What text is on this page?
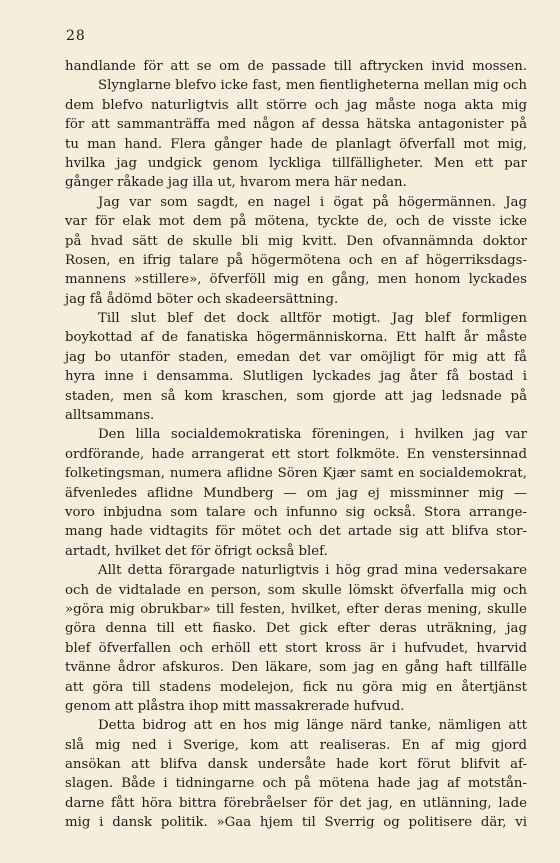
28
handlande för att se om de passade till aftrycken invid mossen.
Slynglarne blefvo icke fast, men fientligheterna mellan mig och
dem blefvo naturligtvis allt större och jag måste noga akta mig
för att sammanträffa med någon af dessa hätska antagonister på
tu man hand. Flera gånger hade de planlagt öfverfall mot mig,
hvilka jag undgick genom lyckliga tillfälligheter. Men ett par
gånger råkade jag illa ut, hvarom mera här nedan.
Jag var som sagdt, en nagel i ögat på högermännen. Jag
var för elak mot dem på mötena, tyckte de, och de visste icke
på hvad sätt de skulle bli mig kvitt. Den ofvannämnda doktor
Rosen, en ifrig talare på högermötena och en af högerriksdags-
mannens »stillere», öfverföll mig en gång, men honom lyckades
jag få ådömd böter och skadeersättning.
Till slut blef det dock alltför motigt. Jag blef formligen
boykottad af de fanatiska högermänniskorna. Ett halft år måste
jag bo utanför staden, emedan det var omöjligt för mig att få
hyra inne i densamma. Slutligen lyckades jag åter få bostad i
staden, men så kom kraschen, som gjorde att jag ledsnade på
alltsammans.
Den lilla socialdemokratiska föreningen, i hvilken jag var
ordförande, hade arrangerat ett stort folkmöte. En venstersinnad
folketingsman, numera aflidne Sören Kjær samt en socialdemokrat,
äfvenledes aflidne Mundberg — om jag ej missminner mig —
voro inbjudna som talare och infunno sig också. Stora arrange-
mang hade vidtagits för mötet och det artade sig att blifva stor-
artadt, hvilket det för öfrigt också blef.
Allt detta förargade naturligtvis i hög grad mina vedersakare
och de vidtalade en person, som skulle lömskt öfverfalla mig och
»göra mig obrukbar» till festen, hvilket, efter deras mening, skulle
göra denna till ett fiasko. Det gick efter deras uträkning, jag
blef öfverfallen och erhöll ett stort kross är i hufvudet, hvarvid
tvänne ådror afskuros. Den läkare, som jag en gång haft tillfälle
att göra till stadens modelejon, fick nu göra mig en återtjänst
genom att plåstra ihop mitt massakrerade hufvud.
Detta bidrog att en hos mig länge närd tanke, nämligen att
slå mig ned i Sverige, kom att realiseras. En af mig gjord
ansökan att blifva dansk undersåte hade kort förut blifvit af-
slagen. Både i tidningarne och på mötena hade jag af motstån-
darne fått höra bittra förebråelser för det jag, en utlänning, lade
mig i dansk politik. »Gaa hjem til Sverrig og politisere där, vi
